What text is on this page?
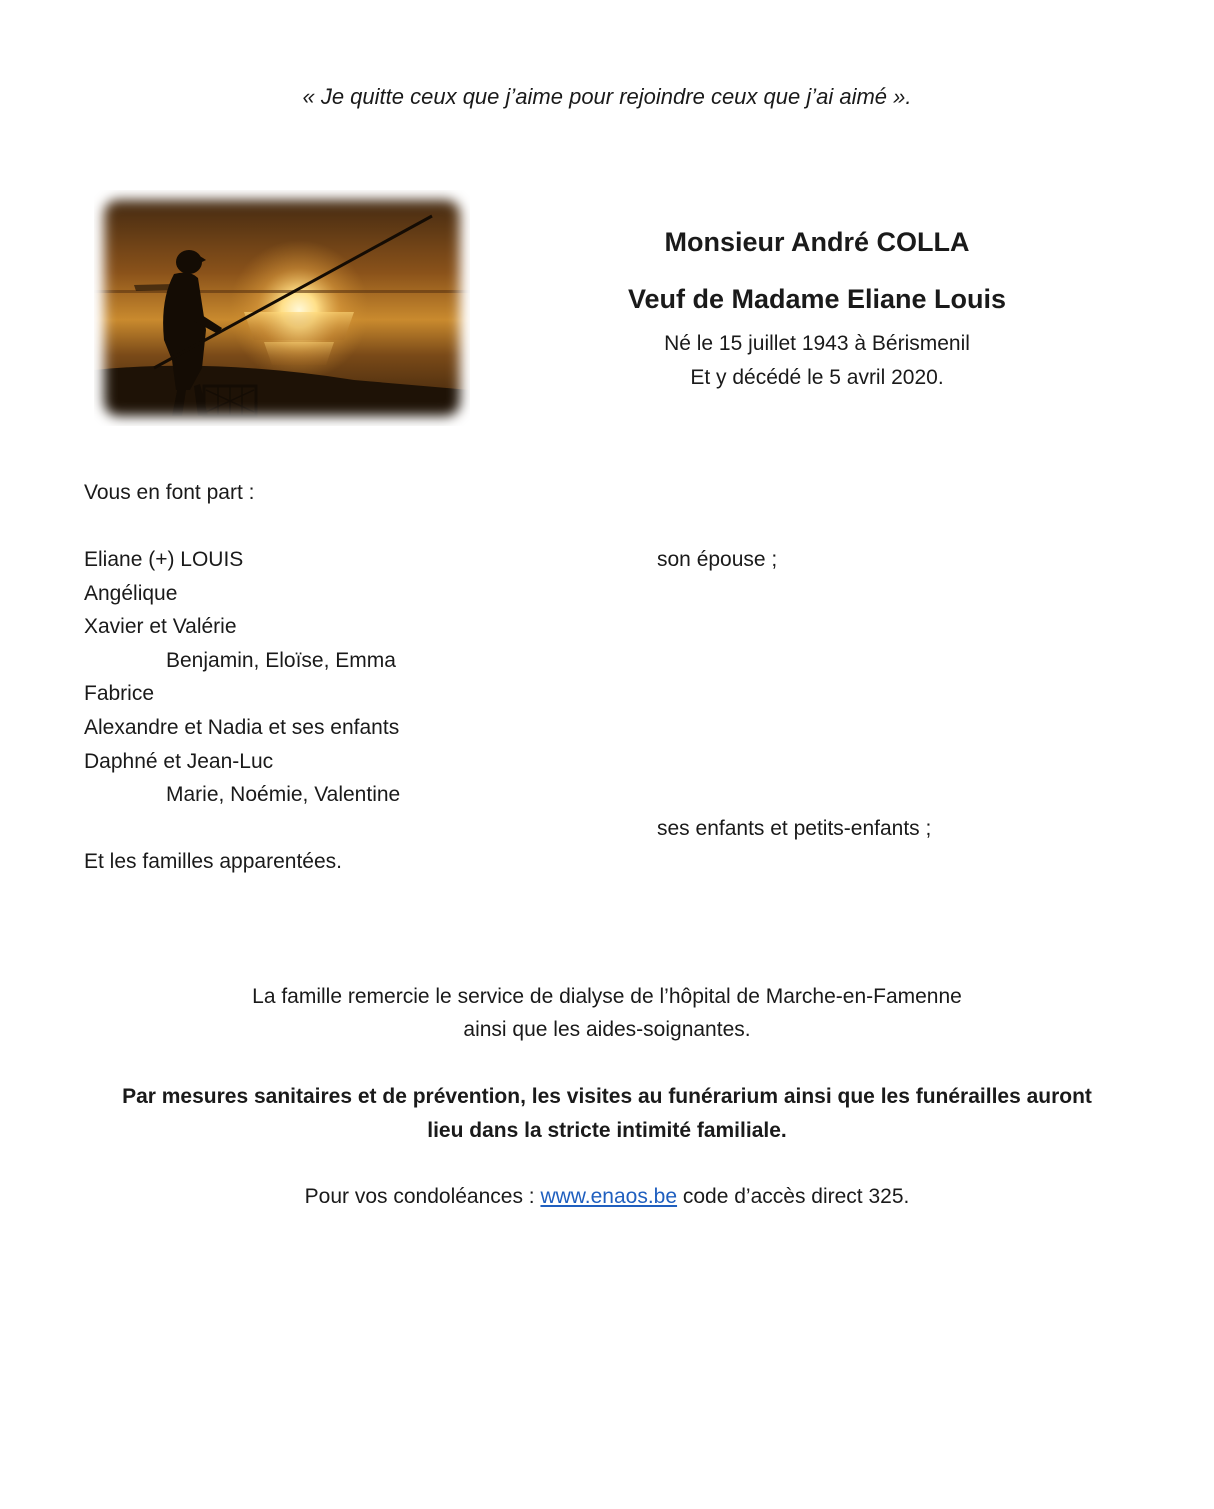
« Je quitte ceux que j’aime pour rejoindre ceux que j’ai aimé ».
Monsieur André COLLA
Veuf de Madame Eliane Louis
Né le 15 juillet 1943 à Bérismenil
Et y décédé le 5 avril 2020.
Vous en font part :
Eliane (+) LOUIS	son épouse ;
Angélique
Xavier et Valérie
Benjamin, Eloïse, Emma
Fabrice
Alexandre et Nadia et ses enfants
Daphné et Jean-Luc
Marie, Noémie, Valentine
ses enfants et petits-enfants ;
Et les familles apparentées.
La famille remercie le service de dialyse de l’hôpital de Marche-en-Famenne
ainsi que les aides-soignantes.
Par mesures sanitaires et de prévention, les visites au funérarium ainsi que les funérailles auront
lieu dans la stricte intimité familiale.
Pour vos condoléances : www.enaos.be code d’accès direct 325.
